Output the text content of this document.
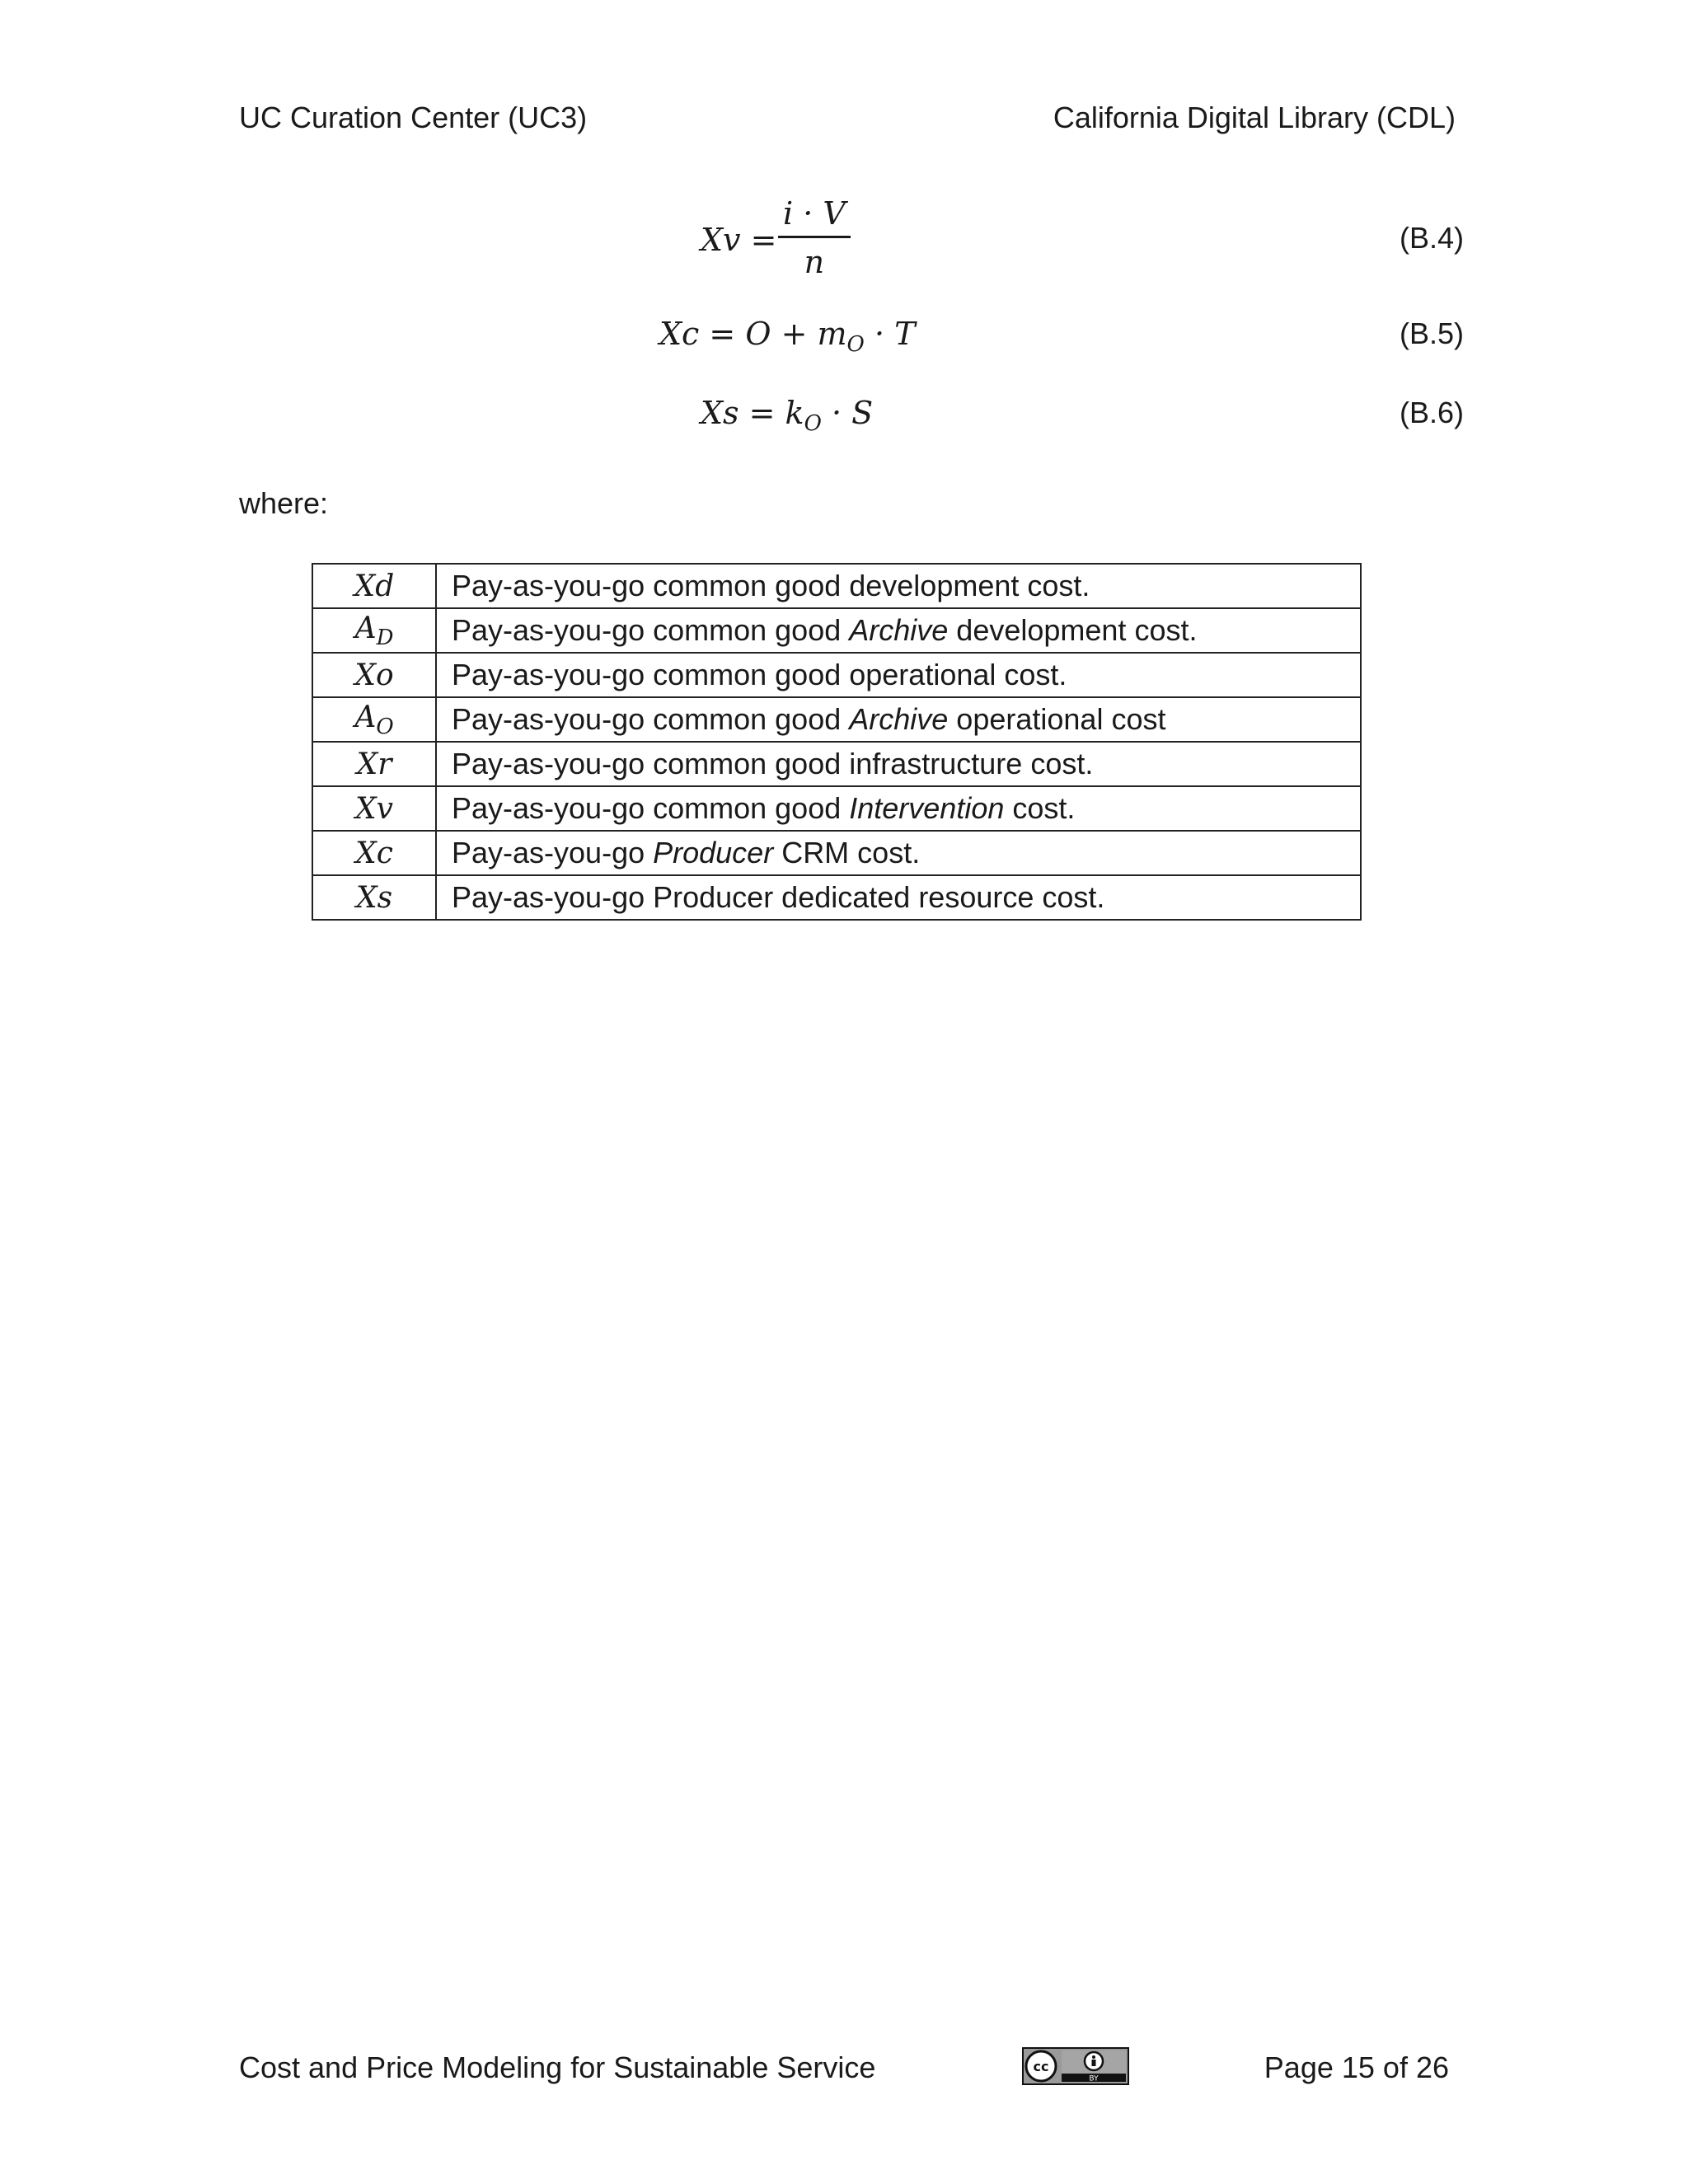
UC Curation Center (UC3)	California Digital Library (CDL)
Xv =
i · V
n
(B.4)
$Xc = O + m_O \cdot T$	(B.5)
$Xs = k_O \cdot S$	(B.6)
where:
Xd	Pay-as-you-go common good development cost.
$A_D$	Pay-as-you-go common good Archive development cost.
Xo	Pay-as-you-go common good operational cost.
$A_O$	Pay-as-you-go common good Archive operational cost
Xr	Pay-as-you-go common good infrastructure cost.
Xv	Pay-as-you-go common good Intervention cost.
Xc	Pay-as-you-go Producer CRM cost.
Xs	Pay-as-you-go Producer dedicated resource cost.
Cost and Price Modeling for Sustainable Service	cc
BY	Page 15 of 26
